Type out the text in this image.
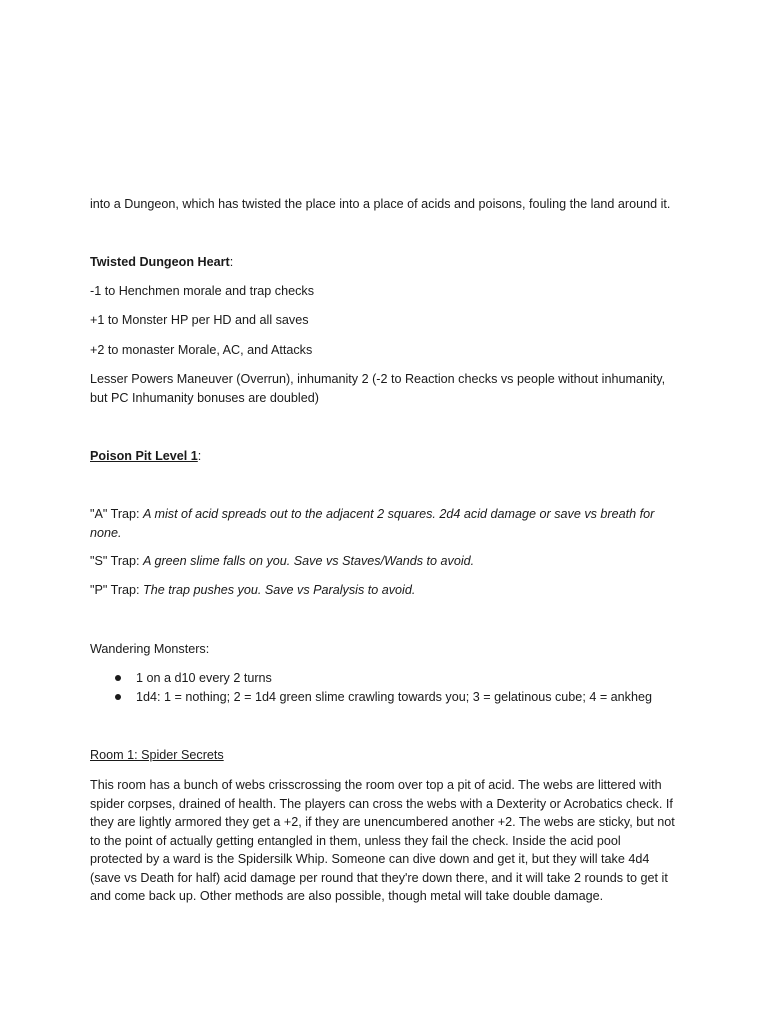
into a Dungeon, which has twisted the place into a place of acids and poisons, fouling the land around it.

Twisted Dungeon Heart:

-1 to Henchmen morale and trap checks

+1 to Monster HP per HD and all saves

+2 to monaster Morale, AC, and Attacks

Lesser Powers Maneuver (Overrun), inhumanity 2 (-2 to Reaction checks vs people without inhumanity, but PC Inhumanity bonuses are doubled)

Poison Pit Level 1:

"A" Trap: A mist of acid spreads out to the adjacent 2 squares. 2d4 acid damage or save vs breath for none.

"S" Trap: A green slime falls on you. Save vs Staves/Wands to avoid.

"P" Trap: The trap pushes you. Save vs Paralysis to avoid.

Wandering Monsters:

1 on a d10 every 2 turns
1d4: 1 = nothing; 2 = 1d4 green slime crawling towards you; 3 = gelatinous cube; 4 = ankheg

Room 1: Spider Secrets

This room has a bunch of webs crisscrossing the room over top a pit of acid. The webs are littered with spider corpses, drained of health. The players can cross the webs with a Dexterity or Acrobatics check. If they are lightly armored they get a +2, if they are unencumbered another +2. The webs are sticky, but not to the point of actually getting entangled in them, unless they fail the check. Inside the acid pool protected by a ward is the Spidersilk Whip. Someone can dive down and get it, but they will take 4d4 (save vs Death for half) acid damage per round that they're down there, and it will take 2 rounds to get it and come back up. Other methods are also possible, though metal will take double damage.
